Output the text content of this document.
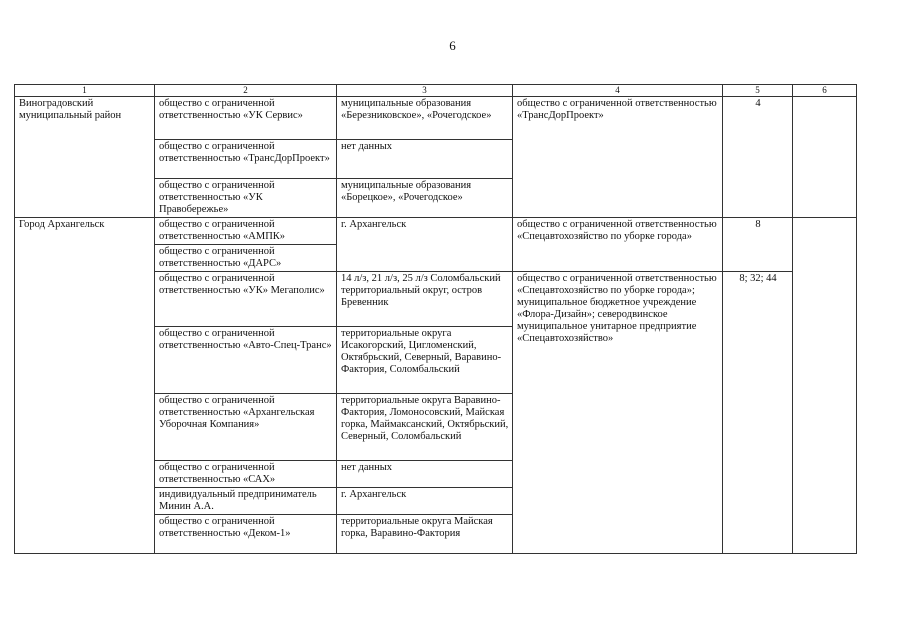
6
1	2	3	4	5	6
Виноградовский муниципальный район	общество с ограниченной ответственностью «УК Сервис»	муниципальные образования «Березниковское», «Рочегодское»	общество с ограниченной ответственностью «ТрансДорПроект»	4	
	общество с ограниченной ответственностью «ТрансДорПроект»	нет данных			
	общество с ограниченной ответственностью «УК Правобережье»	муниципальные образования «Борецкое», «Рочегодское»			
Город Архангельск	общество с ограниченной ответственностью «АМПК»	г. Архангельск	общество с ограниченной ответственностью «Спецавтохозяйство по уборке города»	8	
	общество с ограниченной ответственностью «ДАРС»				
	общество с ограниченной ответственностью «УК» Мегаполис»	14 л/з, 21 л/з, 25 л/з Соломбальский территориальный округ, остров Бревенник	общество с ограниченной ответственностью «Спецавтохозяйство по уборке города»; муниципальное бюджетное учреждение «Флора-Дизайн»; северодвинское муниципальное унитарное предприятие «Спецавтохозяйство»	8; 32; 44	
	общество с ограниченной ответственностью «Авто-Спец-Транс»	территориальные округа Исакогорский, Цигломенский, Октябрьский, Северный, Варавино-Фактория, Соломбальский			
	общество с ограниченной ответственностью «Архангельская Уборочная Компания»	территориальные округа Варавино-Фактория, Ломоносовский, Майская горка, Маймаксанский, Октябрьский, Северный, Соломбальский			
	общество с ограниченной ответственностью «САХ»	нет данных			
	индивидуальный предприниматель Минин А.А.	г. Архангельск			
	общество с ограниченной ответственностью «Деком-1»	территориальные округа Майская горка, Варавино-Фактория			
